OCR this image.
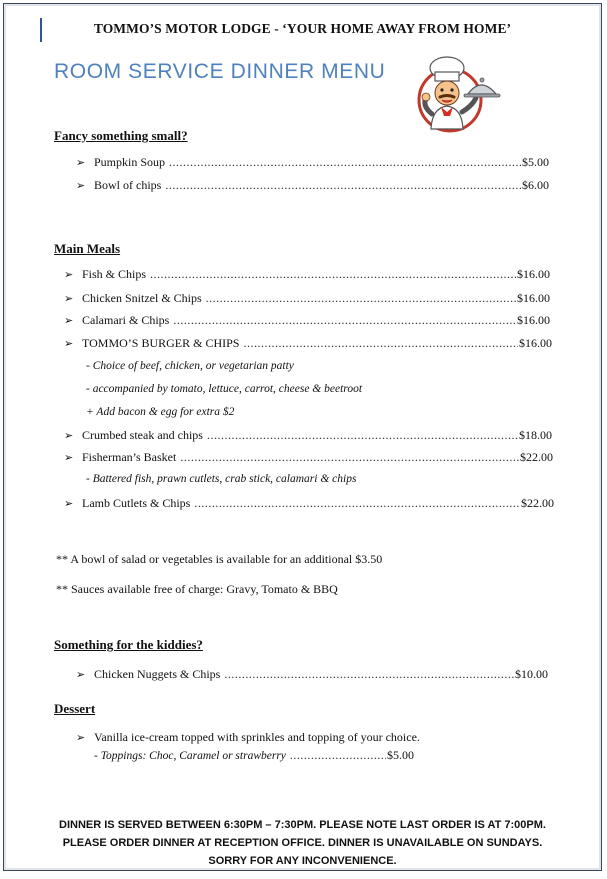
TOMMO’S MOTOR LODGE - ‘YOUR HOME AWAY FROM HOME’
ROOM SERVICE DINNER MENU
Fancy something small?
➢ Pumpkin Soup .....	$5.00
➢ Bowl of chips .....	$6.00
Main Meals
➢ Fish & Chips .....	$16.00
➢ Chicken Snitzel & Chips .....	$16.00
➢ Calamari & Chips .....	$16.00
➢ TOMMO’S BURGER & CHIPS .....	$16.00
- Choice of beef, chicken, or vegetarian patty
- accompanied by tomato, lettuce, carrot, cheese & beetroot
+ Add bacon & egg for extra $2
➢ Crumbed steak and chips .....	$18.00
➢ Fisherman’s Basket .....	$22.00
- Battered fish, prawn cutlets, crab stick, calamari & chips
➢ Lamb Cutlets & Chips .....	$22.00
** A bowl of salad or vegetables is available for an additional $3.50
** Sauces available free of charge: Gravy, Tomato & BBQ
Something for the kiddies?
➢ Chicken Nuggets & Chips .....	$10.00
Dessert
➢ Vanilla ice-cream topped with sprinkles and topping of your choice.
- Toppings: Choc, Caramel or strawberry .....	$5.00
DINNER IS SERVED BETWEEN 6:30PM – 7:30PM. PLEASE NOTE LAST ORDER IS AT 7:00PM.
PLEASE ORDER DINNER AT RECEPTION OFFICE. DINNER IS UNAVAILABLE ON SUNDAYS.
SORRY FOR ANY INCONVENIENCE.
